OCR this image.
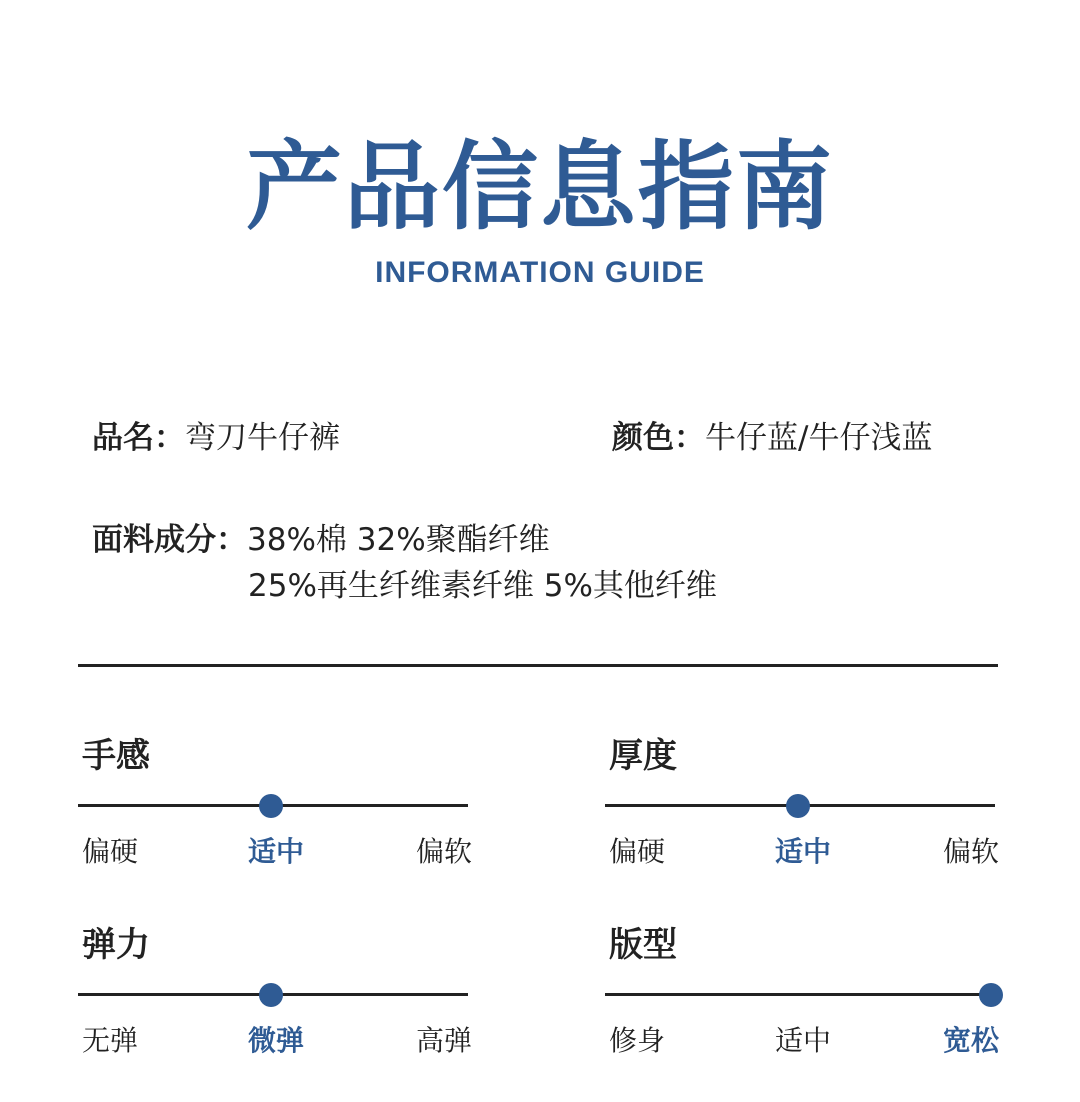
产品信息指南
INFORMATION GUIDE
品名：弯刀牛仔裤	颜色：牛仔蓝/牛仔浅蓝
面料成分：38%棉 32%聚酯纤维
25%再生纤维素纤维 5%其他纤维
手感
偏硬	适中	偏软
厚度
偏硬	适中	偏软
弹力
无弹	微弹	高弹
版型
修身	适中	宽松
